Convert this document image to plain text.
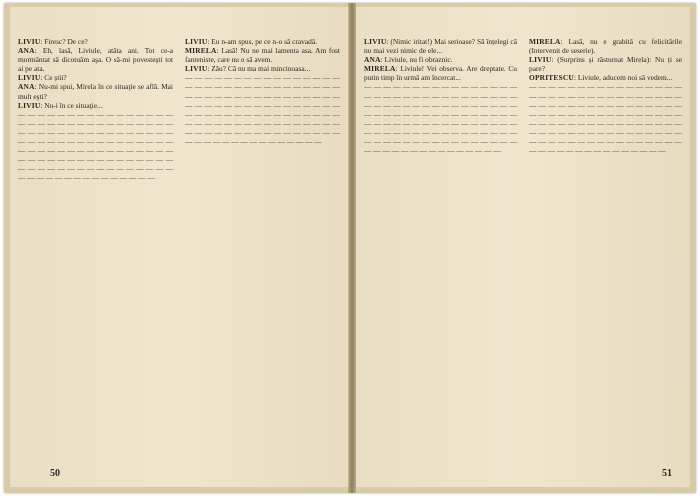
LIVIU: Firesc? De ce?

ANA: Eh, lasă, Liviule, atâta ani. Tot ce-a mormântat să dicotuăm aşa. O să-mi povesteşti tot ai pe ata.

LIVIU: Ce știi?

ANA: Nu-mi spui, Mirela în ce situaţie se află. Mai mult eşti?

LIVIU: Nu-i în ce situaţie...

— — — — — — — — — — — — — — — — — — — — — — — — — — — — — — — — — — — — — — — — — — — — — — — — — — — — — — — — — — — — — — — — — — — — — — — — — — — — — — — — — — — — — — — — — — — — — — — — — — — — — — — — — — — — — — — — — — — — — — — — — — — — — — —

LIVIU: Eu n-am spus, pe ce n-o să cravadă.

MIRELA: Lasă! Nu ne mai lamenta asa. Am fost fanteniste, care nu o să avem.

LIVIU: Zău? Că nu ma mai mincinoasa...

— — — — — — — — — — — — — — — — — — — — — — — — — — — — — — — — — — — — — — — — — — — — — — — — — — — — — — — — — — — — — — — — — — — — — — — — — — — — — — — — — — — — — — — — — — — — — — — — — — — — — — — — — — — — — — — — — — — — — — — — — — — — — — —

50

LIVIU: (Nimic iritat!) Mai serioase? Să înțelegi că nu mai vezi nimic de ele...

ANA: Liviule, nu fi obraznic.

MIRELA: Liviule! Vei observa. Are dreptate. Cu putin timp în urmă am încercat...

— — — — — — — — — — — — — — — — — — — — — — — — — — — — — — — — — — — — — — — — — — — — — — — — — — — — — — — — — — — — — — — — — — — — — — — — — — — — — — — — — — — — — — — — — — — — — — — — — — — — — — — — — — — — — — — — — — — — — — — — — — — — — — —

MIRELA: Lasă, nu e grabită cu felicitările (Intervenit de seserie).

LIVIU: (Surprins și răsturnat Mirela): Nu ți se pare?

OPRITESCU: Liviule, aducem noi să vedem...

— — — — — — — — — — — — — — — — — — — — — — — — — — — — — — — — — — — — — — — — — — — — — — — — — — — — — — — — — — — — — — — — — — — — — — — — — — — — — — — — — — — — — — — — — — — — — — — — — — — — — — — — — — — — — — — — — — — — — — — — — — — — — — —

51
